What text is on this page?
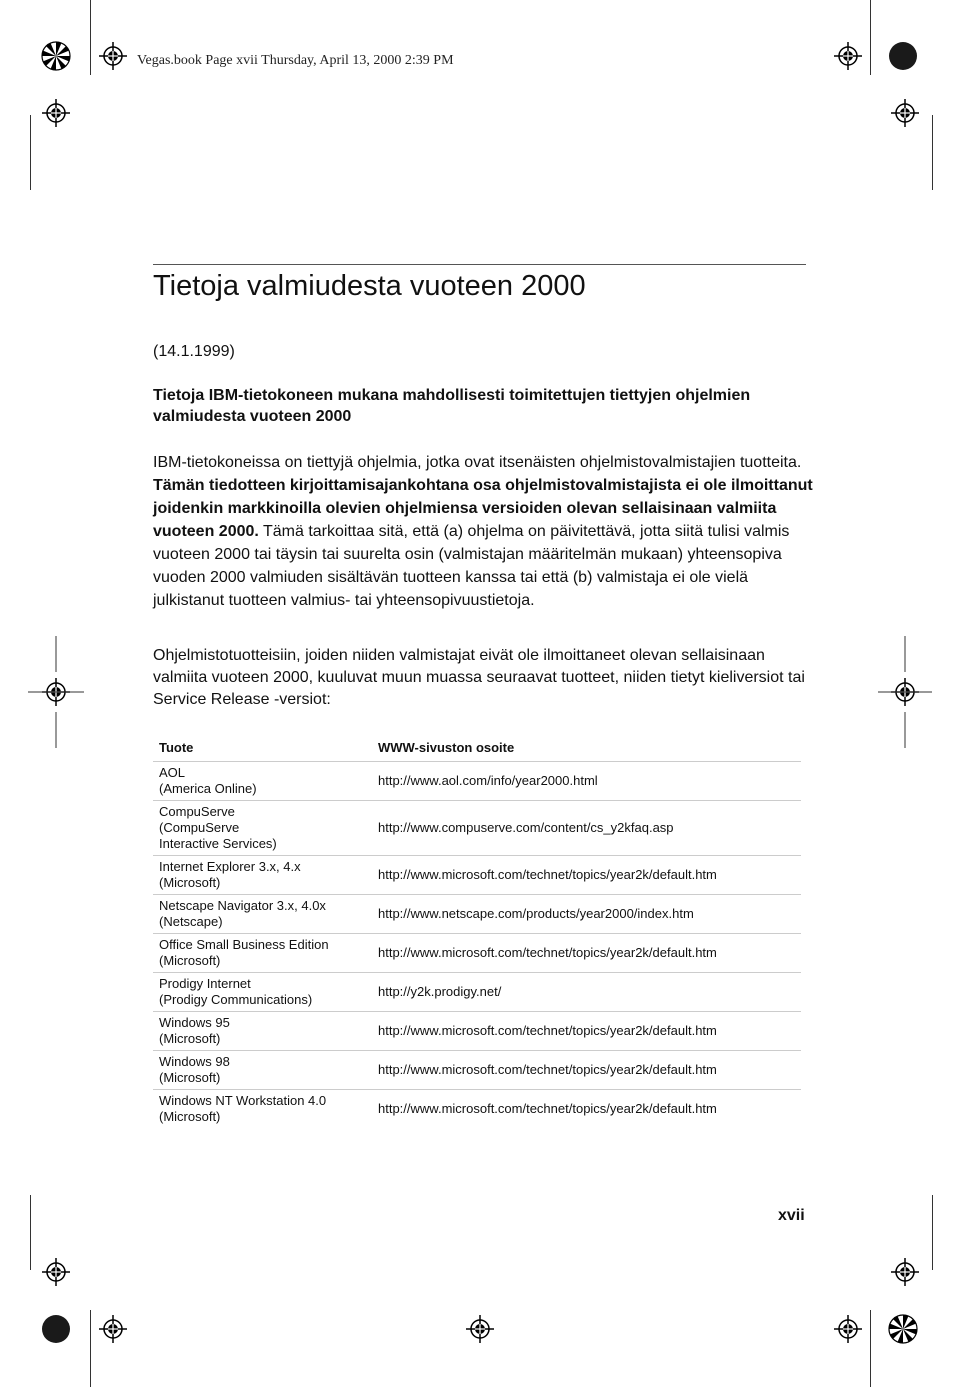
Vegas.book Page xvii Thursday, April 13, 2000 2:39 PM
Tietoja valmiudesta vuoteen 2000
(14.1.1999)

Tietoja IBM-tietokoneen mukana mahdollisesti toimitettujen tiettyjen ohjelmien valmiudesta vuoteen 2000

IBM-tietokoneissa on tiettyjä ohjelmia, jotka ovat itsenäisten ohjelmistovalmistajien tuotteita. Tämän tiedotteen kirjoittamisajankohtana osa ohjelmistovalmistajista ei ole ilmoittanut joidenkin markkinoilla olevien ohjelmiensa versioiden olevan sellaisinaan valmiita vuoteen 2000. Tämä tarkoittaa sitä, että (a) ohjelma on päivitettävä, jotta siitä tulisi valmis vuoteen 2000 tai täysin tai suurelta osin (valmistajan määritelmän mukaan) yhteensopiva vuoden 2000 valmiuden sisältävän tuotteen kanssa tai että (b) valmistaja ei ole vielä julkistanut tuotteen valmius- tai yhteensopivuustietoja.

Ohjelmistotuotteisiin, joiden niiden valmistajat eivät ole ilmoittaneet olevan sellaisinaan valmiita vuoteen 2000, kuuluvat muun muassa seuraavat tuotteet, niiden tietyt kieliversiot tai Service Release -versiot:

Tuote	WWW-sivuston osoite

AOL
(America Online)	http://www.aol.com/info/year2000.html

CompuServe
(CompuServe
Interactive Services)	http://www.compuserve.com/content/cs_y2kfaq.asp

Internet Explorer 3.x, 4.x
(Microsoft)	http://www.microsoft.com/technet/topics/year2k/default.htm

Netscape Navigator 3.x, 4.0x
(Netscape)	http://www.netscape.com/products/year2000/index.htm

Office Small Business Edition
(Microsoft)	http://www.microsoft.com/technet/topics/year2k/default.htm

Prodigy Internet
(Prodigy Communications)	http://y2k.prodigy.net/

Windows 95
(Microsoft)	http://www.microsoft.com/technet/topics/year2k/default.htm

Windows 98
(Microsoft)	http://www.microsoft.com/technet/topics/year2k/default.htm

Windows NT Workstation 4.0
(Microsoft)	http://www.microsoft.com/technet/topics/year2k/default.htm
xvii
